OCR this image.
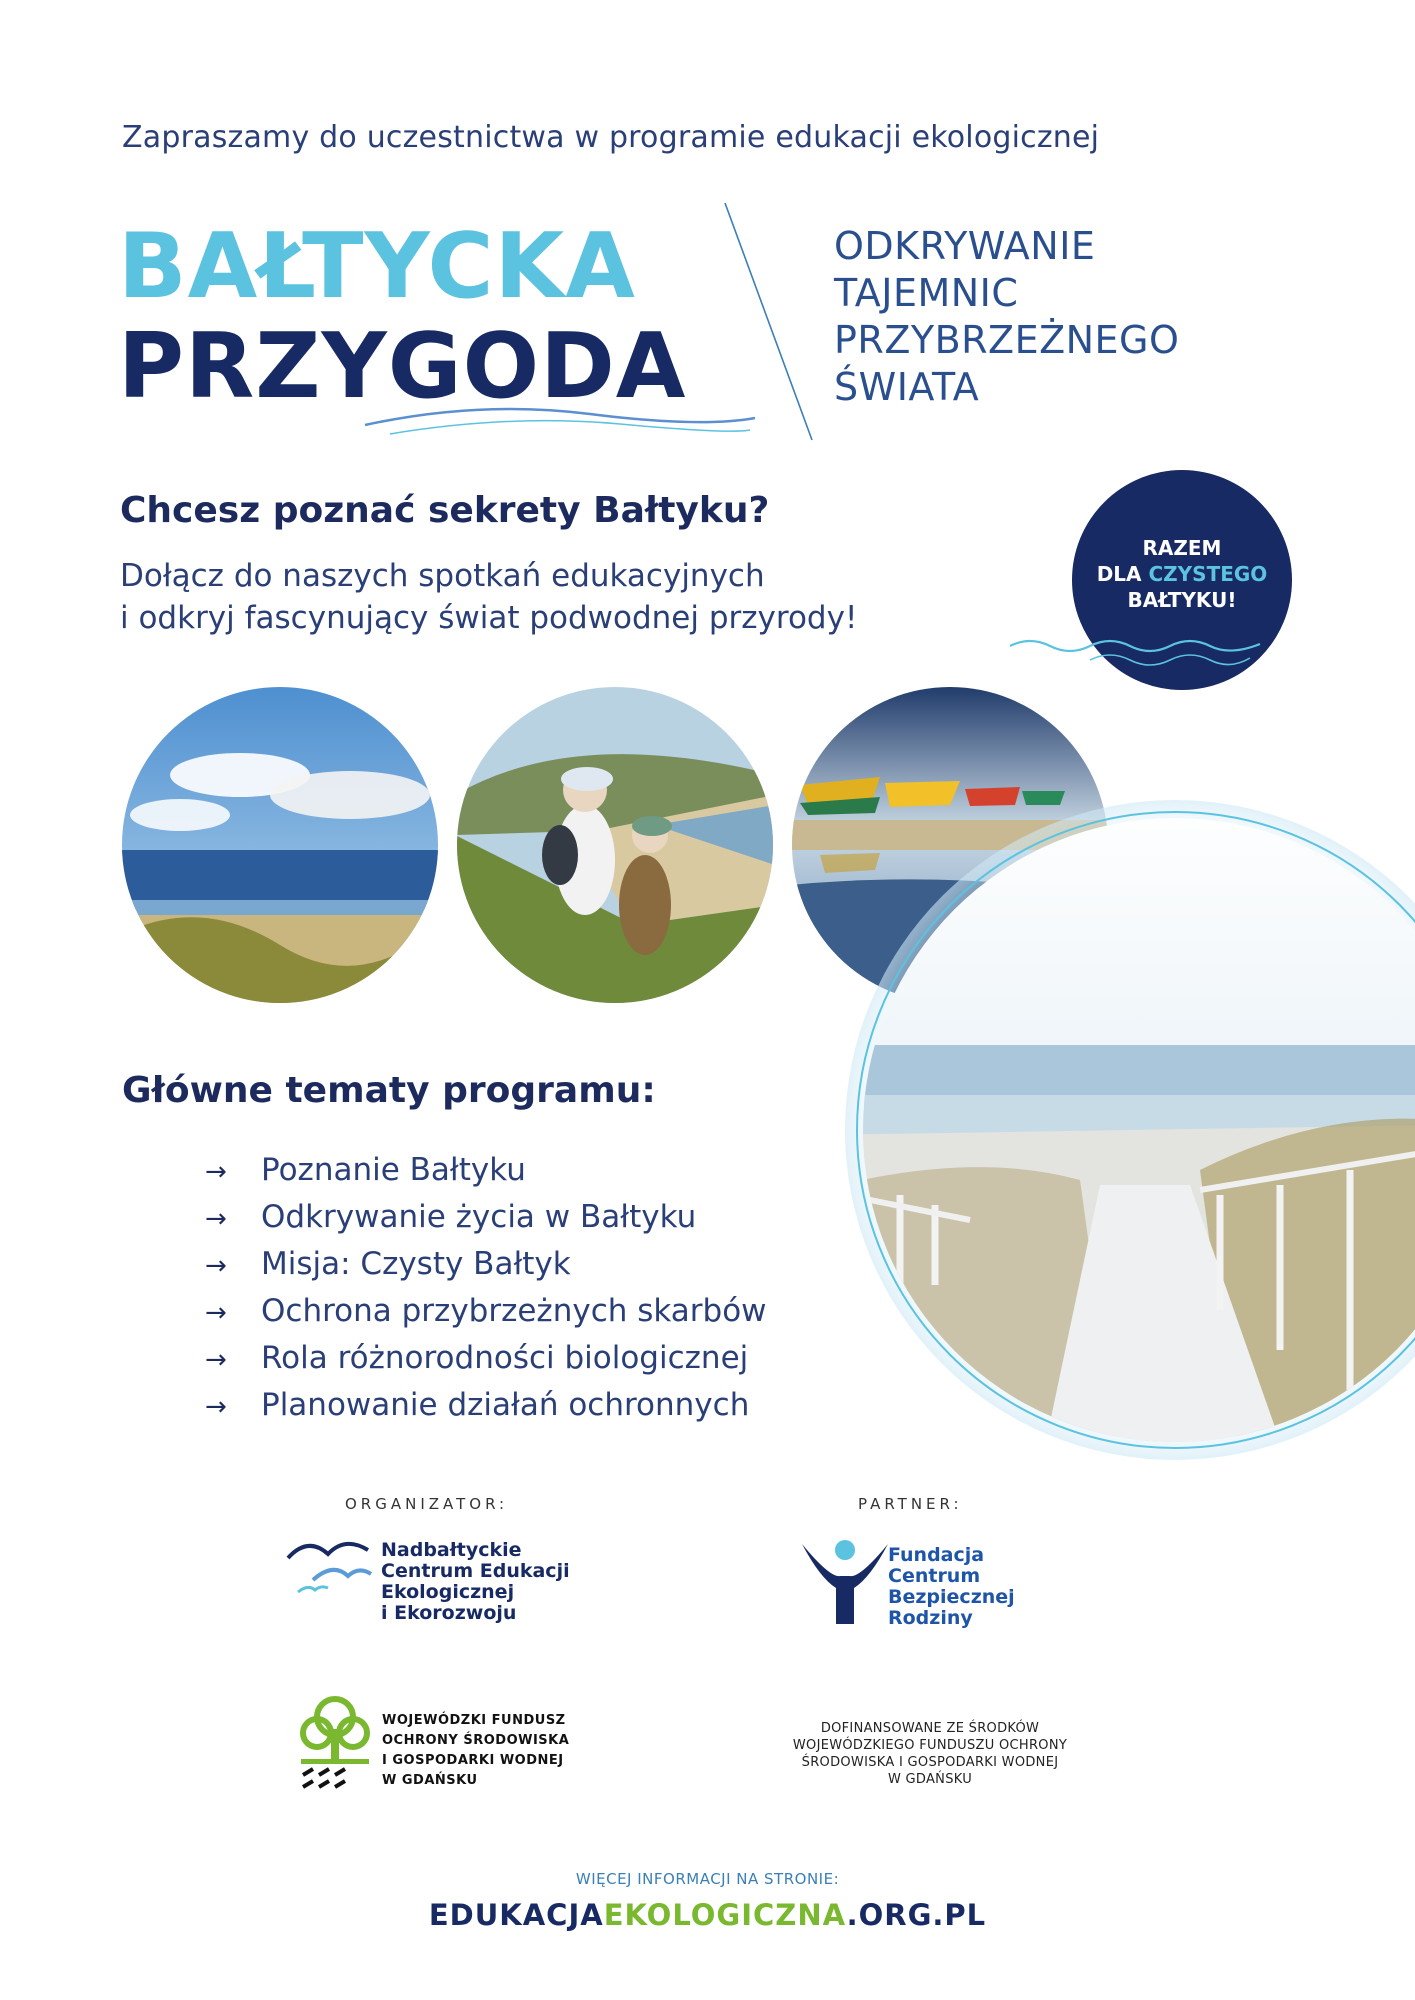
Zapraszamy do uczestnictwa w programie edukacji ekologicznej
BAŁTYCKA
PRZYGODA
ODKRYWANIE
TAJEMNIC
PRZYBRZEŻNEGO
ŚWIATA
Chcesz poznać sekrety Bałtyku?
Dołącz do naszych spotkań edukacyjnych
i odkryj fascynujący świat podwodnej przyrody!
RAZEM
DLA CZYSTEGO
BAŁTYKU!
Główne tematy programu:
→ Poznanie Bałtyku
→ Odkrywanie życia w Bałtyku
→ Misja: Czysty Bałtyk
→ Ochrona przybrzeżnych skarbów
→ Rola różnorodności biologicznej
→ Planowanie działań ochronnych
ORGANIZATOR:
Nadbałtyckie
Centrum Edukacji
Ekologicznej
i Ekorozwoju
PARTNER:
Fundacja
Centrum
Bezpiecznej
Rodziny
WOJEWÓDZKI FUNDUSZ
OCHRONY ŚRODOWISKA
I GOSPODARKI WODNEJ
W GDAŃSKU
DOFINANSOWANE ZE ŚRODKÓW
WOJEWÓDZKIEGO FUNDUSZU OCHRONY
ŚRODOWISKA I GOSPODARKI WODNEJ
W GDAŃSKU
WIĘCEJ INFORMACJI NA STRONIE:
EDUKACJAEKOLOGICZNA.ORG.PL
